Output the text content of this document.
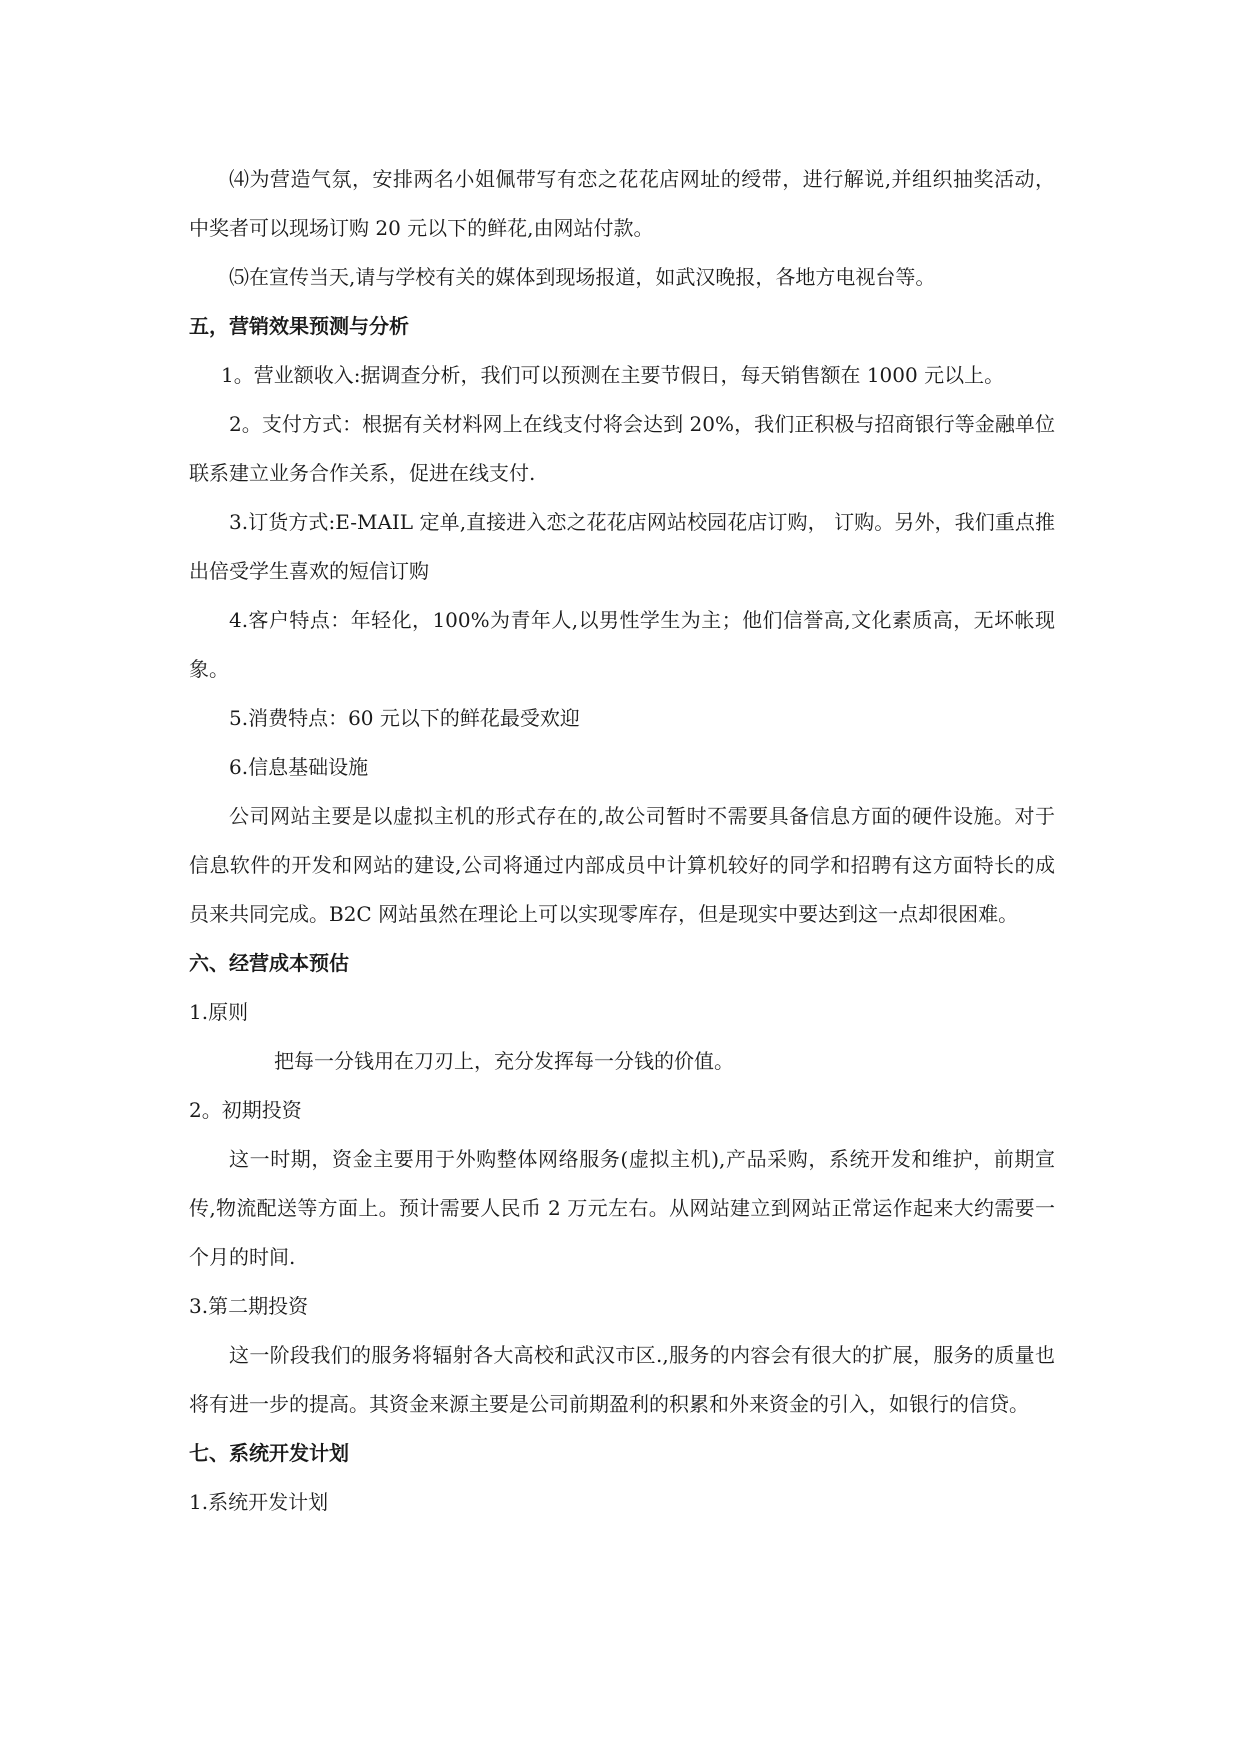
⑷为营造气氛，安排两名小姐佩带写有恋之花花店网址的绶带，进行解说,并组织抽奖活动，中奖者可以现场订购 20 元以下的鲜花,由网站付款。

⑸在宣传当天,请与学校有关的媒体到现场报道，如武汉晚报，各地方电视台等。

五，营销效果预测与分析

1。营业额收入:据调查分析，我们可以预测在主要节假日，每天销售额在 1000 元以上。

2。支付方式：根据有关材料网上在线支付将会达到 20%，我们正积极与招商银行等金融单位联系建立业务合作关系，促进在线支付.

3.订货方式:E-MAIL 定单,直接进入恋之花花店网站校园花店订购， 订购。另外，我们重点推出倍受学生喜欢的短信订购

4.客户特点：年轻化，100%为青年人,以男性学生为主；他们信誉高,文化素质高，无坏帐现象。

5.消费特点：60 元以下的鲜花最受欢迎

6.信息基础设施

公司网站主要是以虚拟主机的形式存在的,故公司暂时不需要具备信息方面的硬件设施。对于信息软件的开发和网站的建设,公司将通过内部成员中计算机较好的同学和招聘有这方面特长的成员来共同完成。B2C 网站虽然在理论上可以实现零库存，但是现实中要达到这一点却很困难。

六、经营成本预估

1.原则

把每一分钱用在刀刃上，充分发挥每一分钱的价值。

2。初期投资

这一时期，资金主要用于外购整体网络服务(虚拟主机),产品采购，系统开发和维护，前期宣传,物流配送等方面上。预计需要人民币 2 万元左右。从网站建立到网站正常运作起来大约需要一个月的时间.

3.第二期投资

这一阶段我们的服务将辐射各大高校和武汉市区.,服务的内容会有很大的扩展，服务的质量也将有进一步的提高。其资金来源主要是公司前期盈利的积累和外来资金的引入，如银行的信贷。

七、系统开发计划

1.系统开发计划
